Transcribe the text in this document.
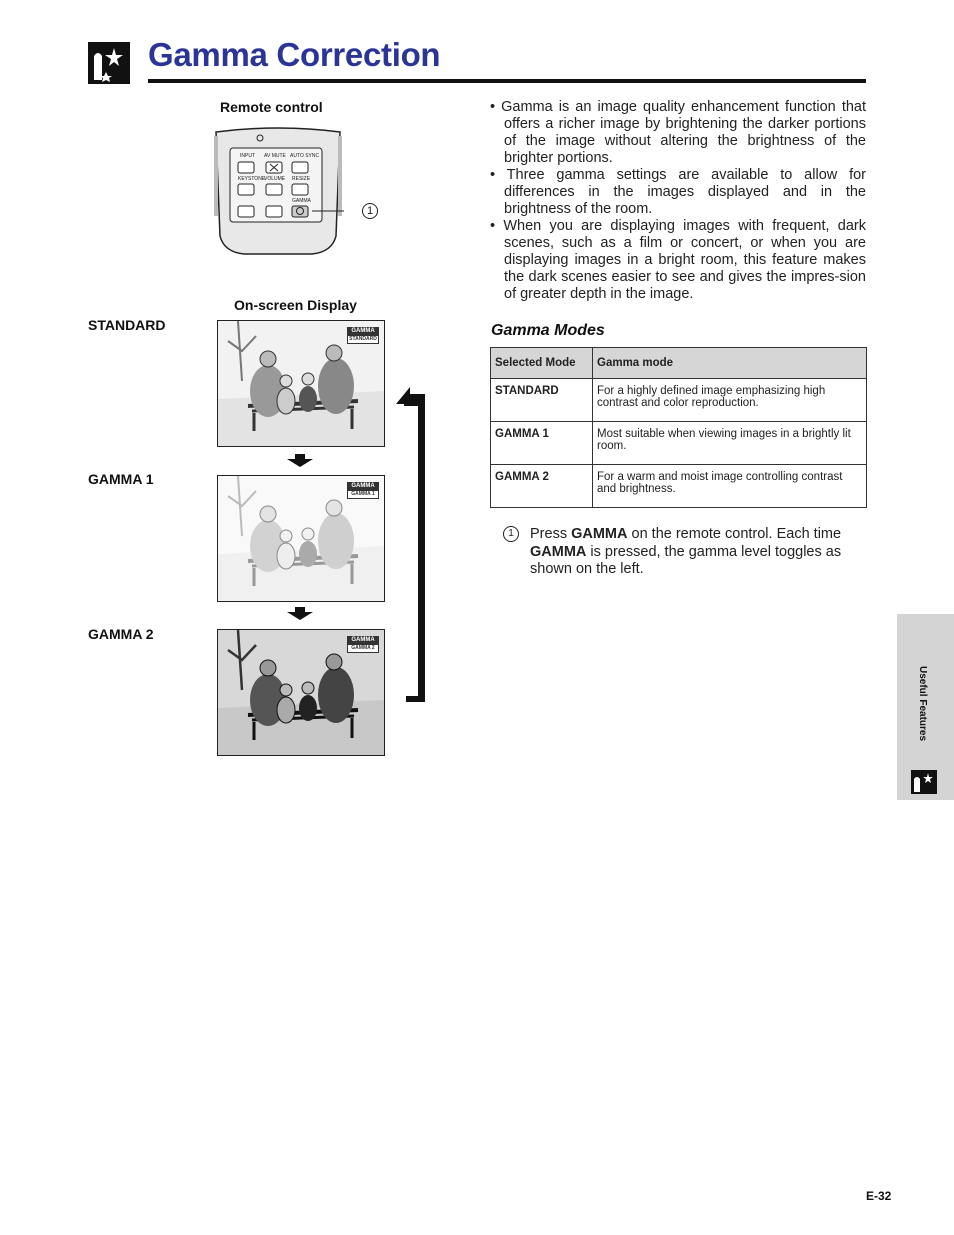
Gamma Correction
Remote control
INPUT AV MUTE AUTO SYNC
KEYSTONE
VOLUME RESIZE
GAMMA
1
On-screen Display
STANDARD
GAMMA 1
GAMMA 2
GAMMA
STANDARD
GAMMA
GAMMA 1
GAMMA
GAMMA 2

• Gamma is an image quality enhancement function that offers a richer image by brightening the darker portions of the image without altering the brightness of the brighter portions.

• Three gamma settings are available to allow for differences in the images displayed and in the brightness of the room.

• When you are displaying images with frequent, dark scenes, such as a film or concert, or when you are displaying images in a bright room, this feature makes the dark scenes easier to see and gives the impres-sion of greater depth in the image.

Gamma Modes
Selected Mode	Gamma mode
STANDARD	For a highly defined image emphasizing high contrast and color reproduction.
GAMMA 1	Most suitable when viewing images in a brightly lit room.
GAMMA 2	For a warm and moist image controlling contrast and brightness.
1	Press GAMMA on the remote control. Each time GAMMA is pressed, the gamma level toggles as shown on the left.
E-32
